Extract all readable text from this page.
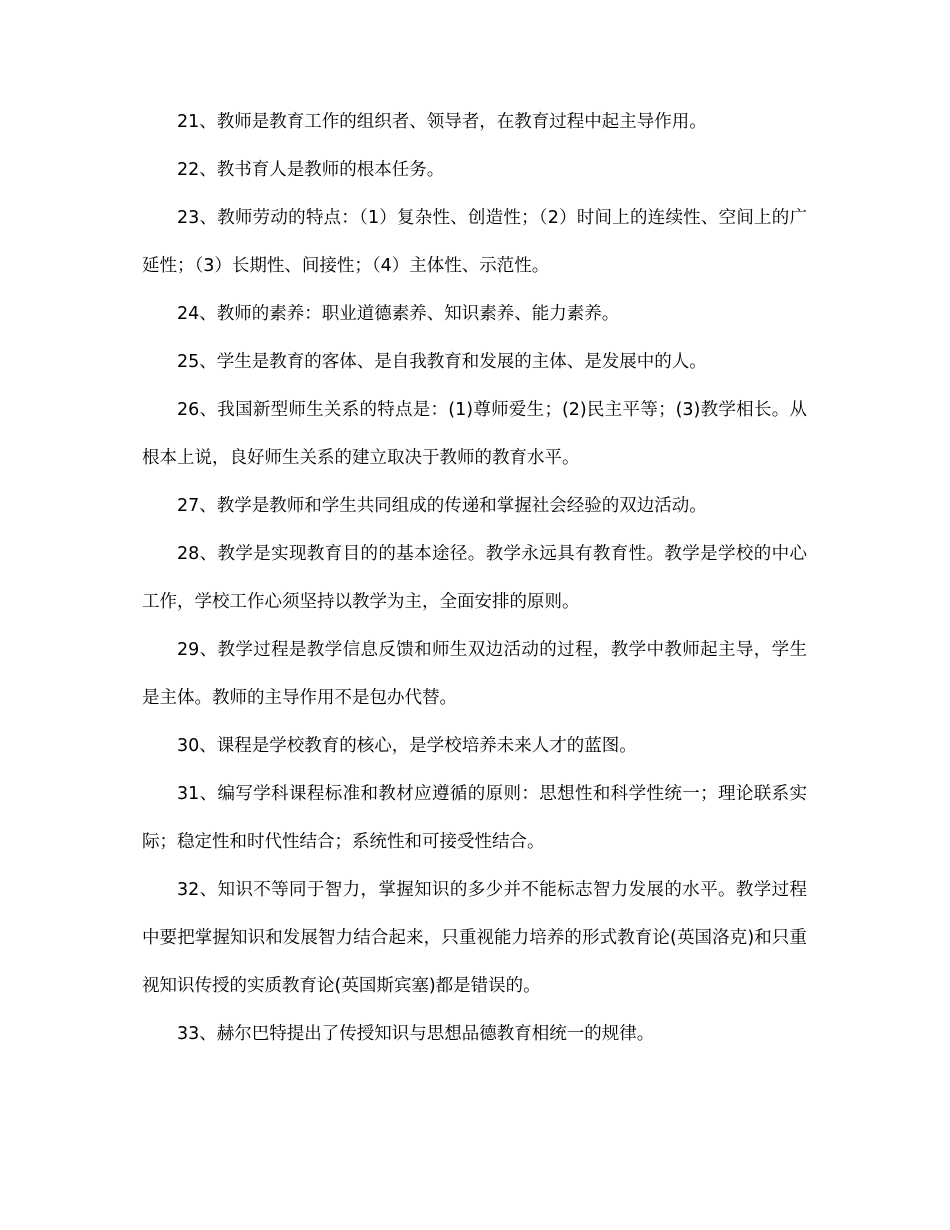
21、教师是教育工作的组织者、领导者，在教育过程中起主导作用。

22、教书育人是教师的根本任务。

23、教师劳动的特点：（1）复杂性、创造性；（2）时间上的连续性、空间上的广延性；（3）长期性、间接性；（4）主体性、示范性。

24、教师的素养：职业道德素养、知识素养、能力素养。

25、学生是教育的客体、是自我教育和发展的主体、是发展中的人。

26、我国新型师生关系的特点是：(1)尊师爱生；(2)民主平等；(3)教学相长。从根本上说，良好师生关系的建立取决于教师的教育水平。

27、教学是教师和学生共同组成的传递和掌握社会经验的双边活动。

28、教学是实现教育目的的基本途径。教学永远具有教育性。教学是学校的中心工作，学校工作心须坚持以教学为主，全面安排的原则。

29、教学过程是教学信息反馈和师生双边活动的过程，教学中教师起主导，学生是主体。教师的主导作用不是包办代替。

30、课程是学校教育的核心，是学校培养未来人才的蓝图。

31、编写学科课程标准和教材应遵循的原则：思想性和科学性统一；理论联系实际；稳定性和时代性结合；系统性和可接受性结合。

32、知识不等同于智力，掌握知识的多少并不能标志智力发展的水平。教学过程中要把掌握知识和发展智力结合起来，只重视能力培养的形式教育论(英国洛克)和只重视知识传授的实质教育论(英国斯宾塞)都是错误的。

33、赫尔巴特提出了传授知识与思想品德教育相统一的规律。
